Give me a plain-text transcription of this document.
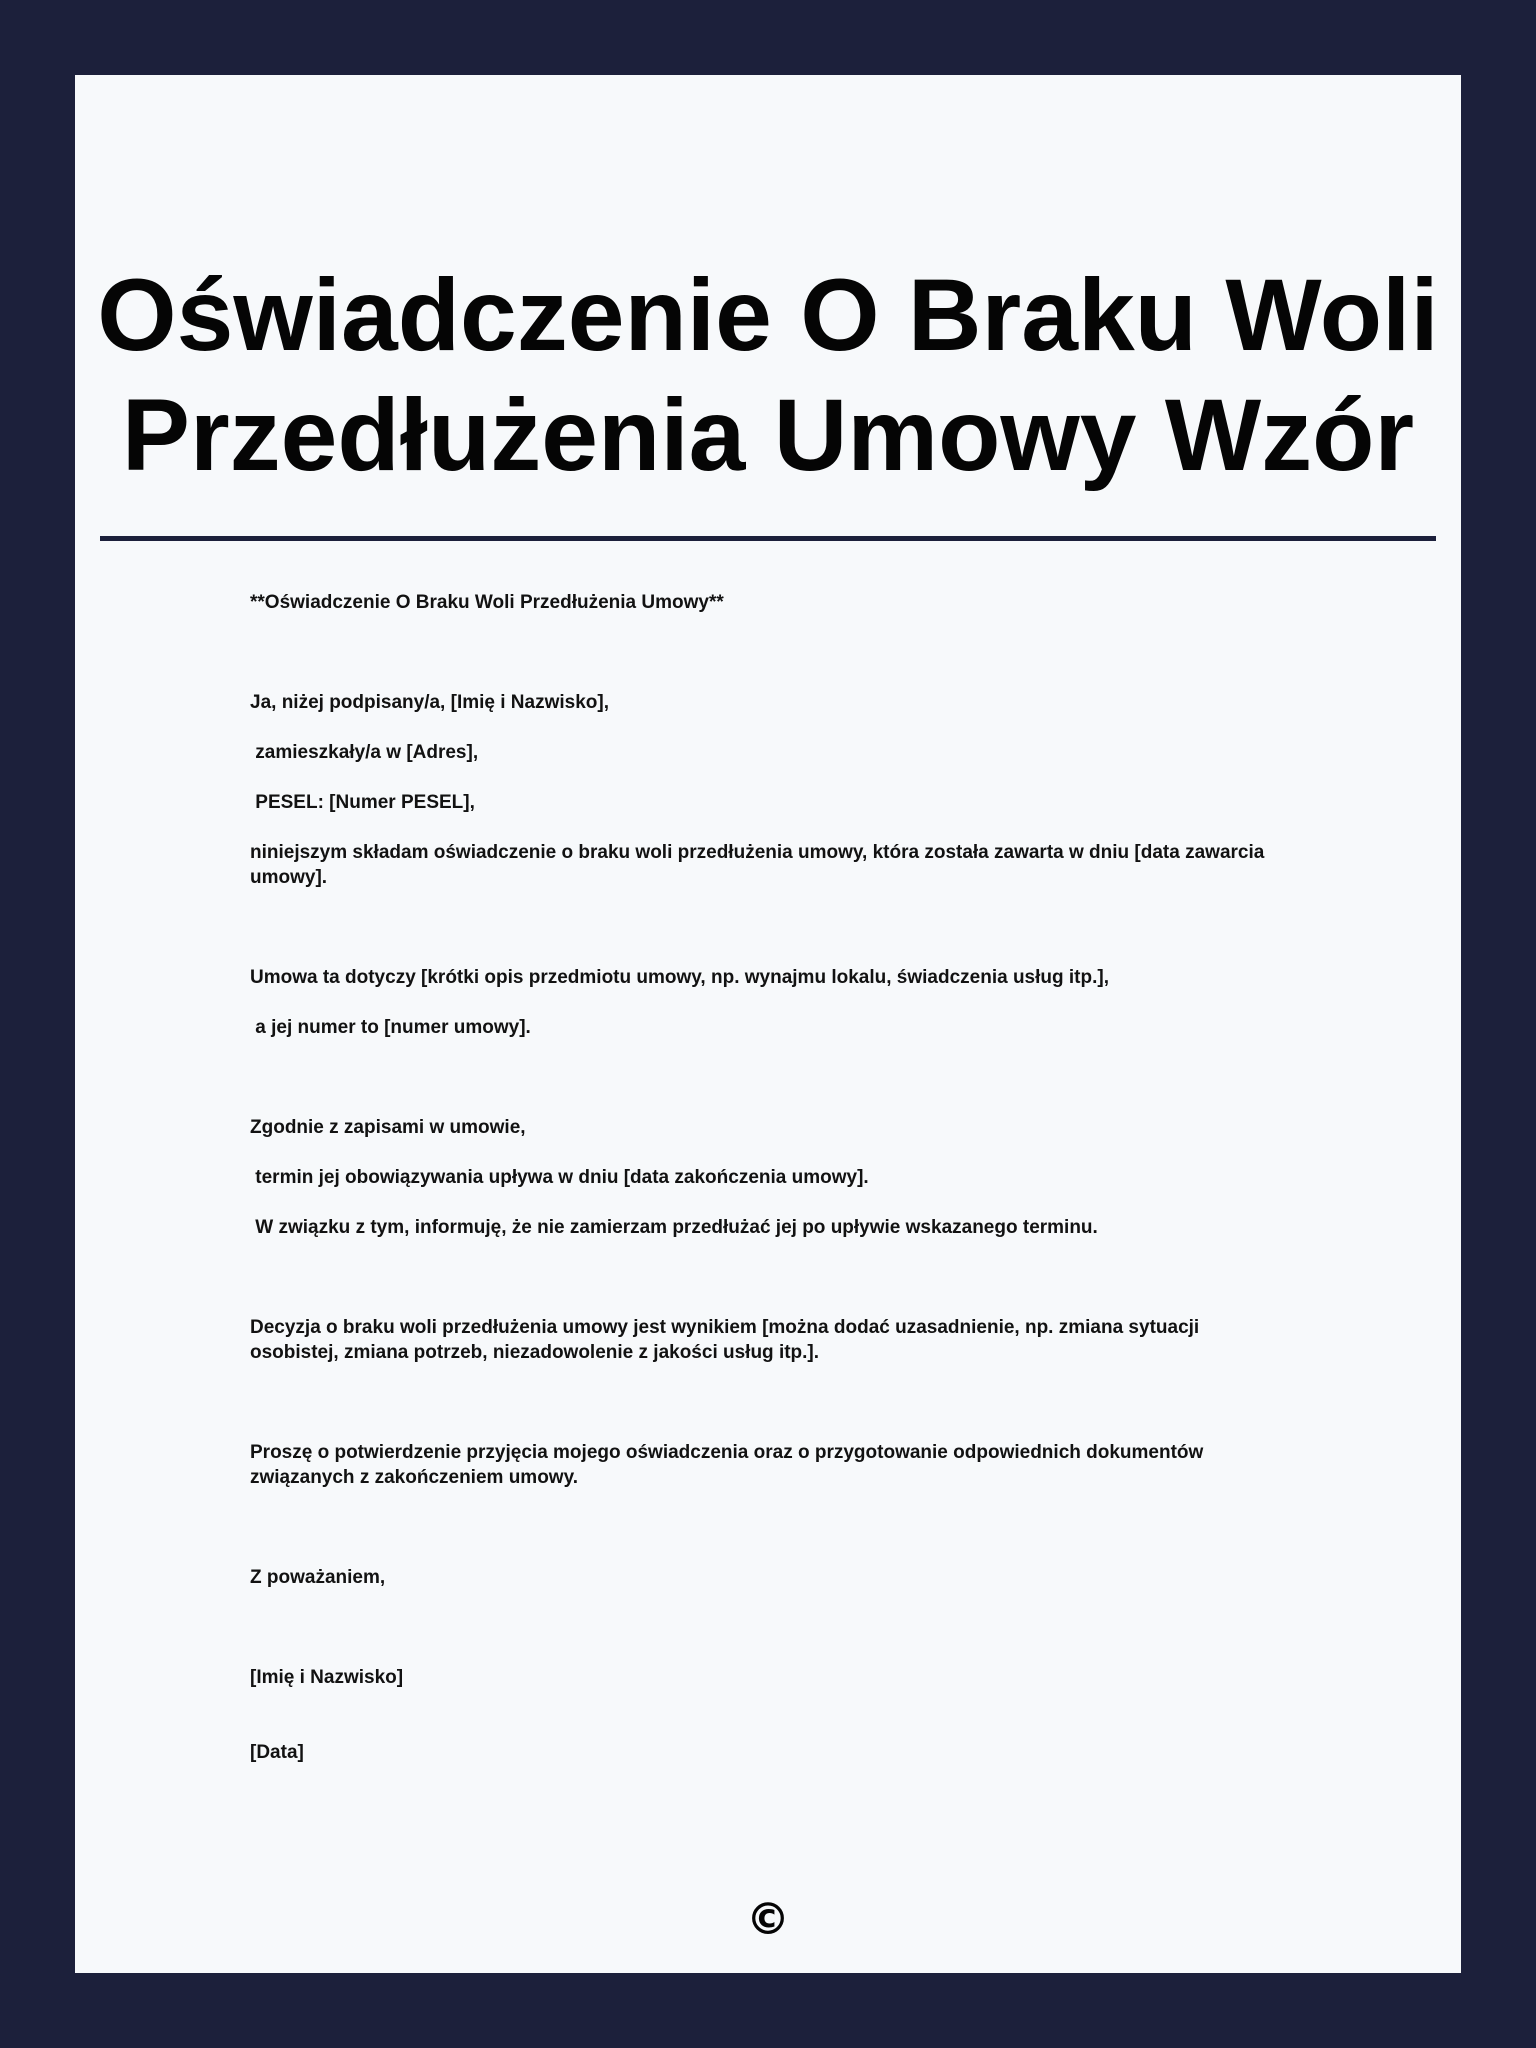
Oświadczenie O Braku Woli Przedłużenia Umowy Wzór

**Oświadczenie O Braku Woli Przedłużenia Umowy**

Ja, niżej podpisany/a, [Imię i Nazwisko],

zamieszkały/a w [Adres],

PESEL: [Numer PESEL],

niniejszym składam oświadczenie o braku woli przedłużenia umowy, która została zawarta w dniu [data zawarcia umowy].

Umowa ta dotyczy [krótki opis przedmiotu umowy, np. wynajmu lokalu, świadczenia usług itp.],

a jej numer to [numer umowy].

Zgodnie z zapisami w umowie,

termin jej obowiązywania upływa w dniu [data zakończenia umowy].

W związku z tym, informuję, że nie zamierzam przedłużać jej po upływie wskazanego terminu.

Decyzja o braku woli przedłużenia umowy jest wynikiem [można dodać uzasadnienie, np. zmiana sytuacji osobistej, zmiana potrzeb, niezadowolenie z jakości usług itp.].

Proszę o potwierdzenie przyjęcia mojego oświadczenia oraz o przygotowanie odpowiednich dokumentów związanych z zakończeniem umowy.

Z poważaniem,

[Imię i Nazwisko]

[Data]

©
